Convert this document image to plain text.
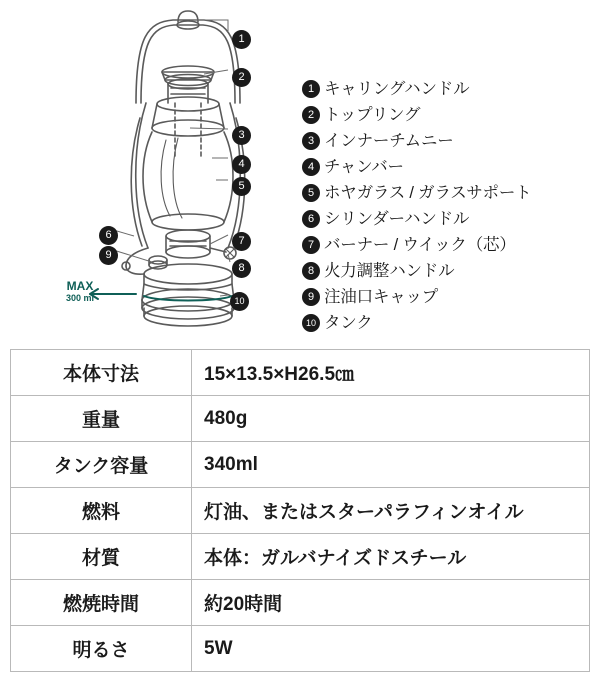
MAX
300 ml
1
2
3
4
5
6	7
8
9
10
1 キャリングハンドル
2 トップリング
3 インナーチムニー
4 チャンバー
5 ホヤガラス / ガラスサポート
6 シリンダーハンドル
7 バーナー / ウイック（芯）
8 火力調整ハンドル
9 注油口キャップ
10 タンク
本体寸法	15×13.5×H26.5㎝
重量	480g
タンク容量	340ml
燃料	灯油、またはスターパラフィンオイル
材質	本体：ガルバナイズドスチール
燃焼時間	約20時間
明るさ	5W
